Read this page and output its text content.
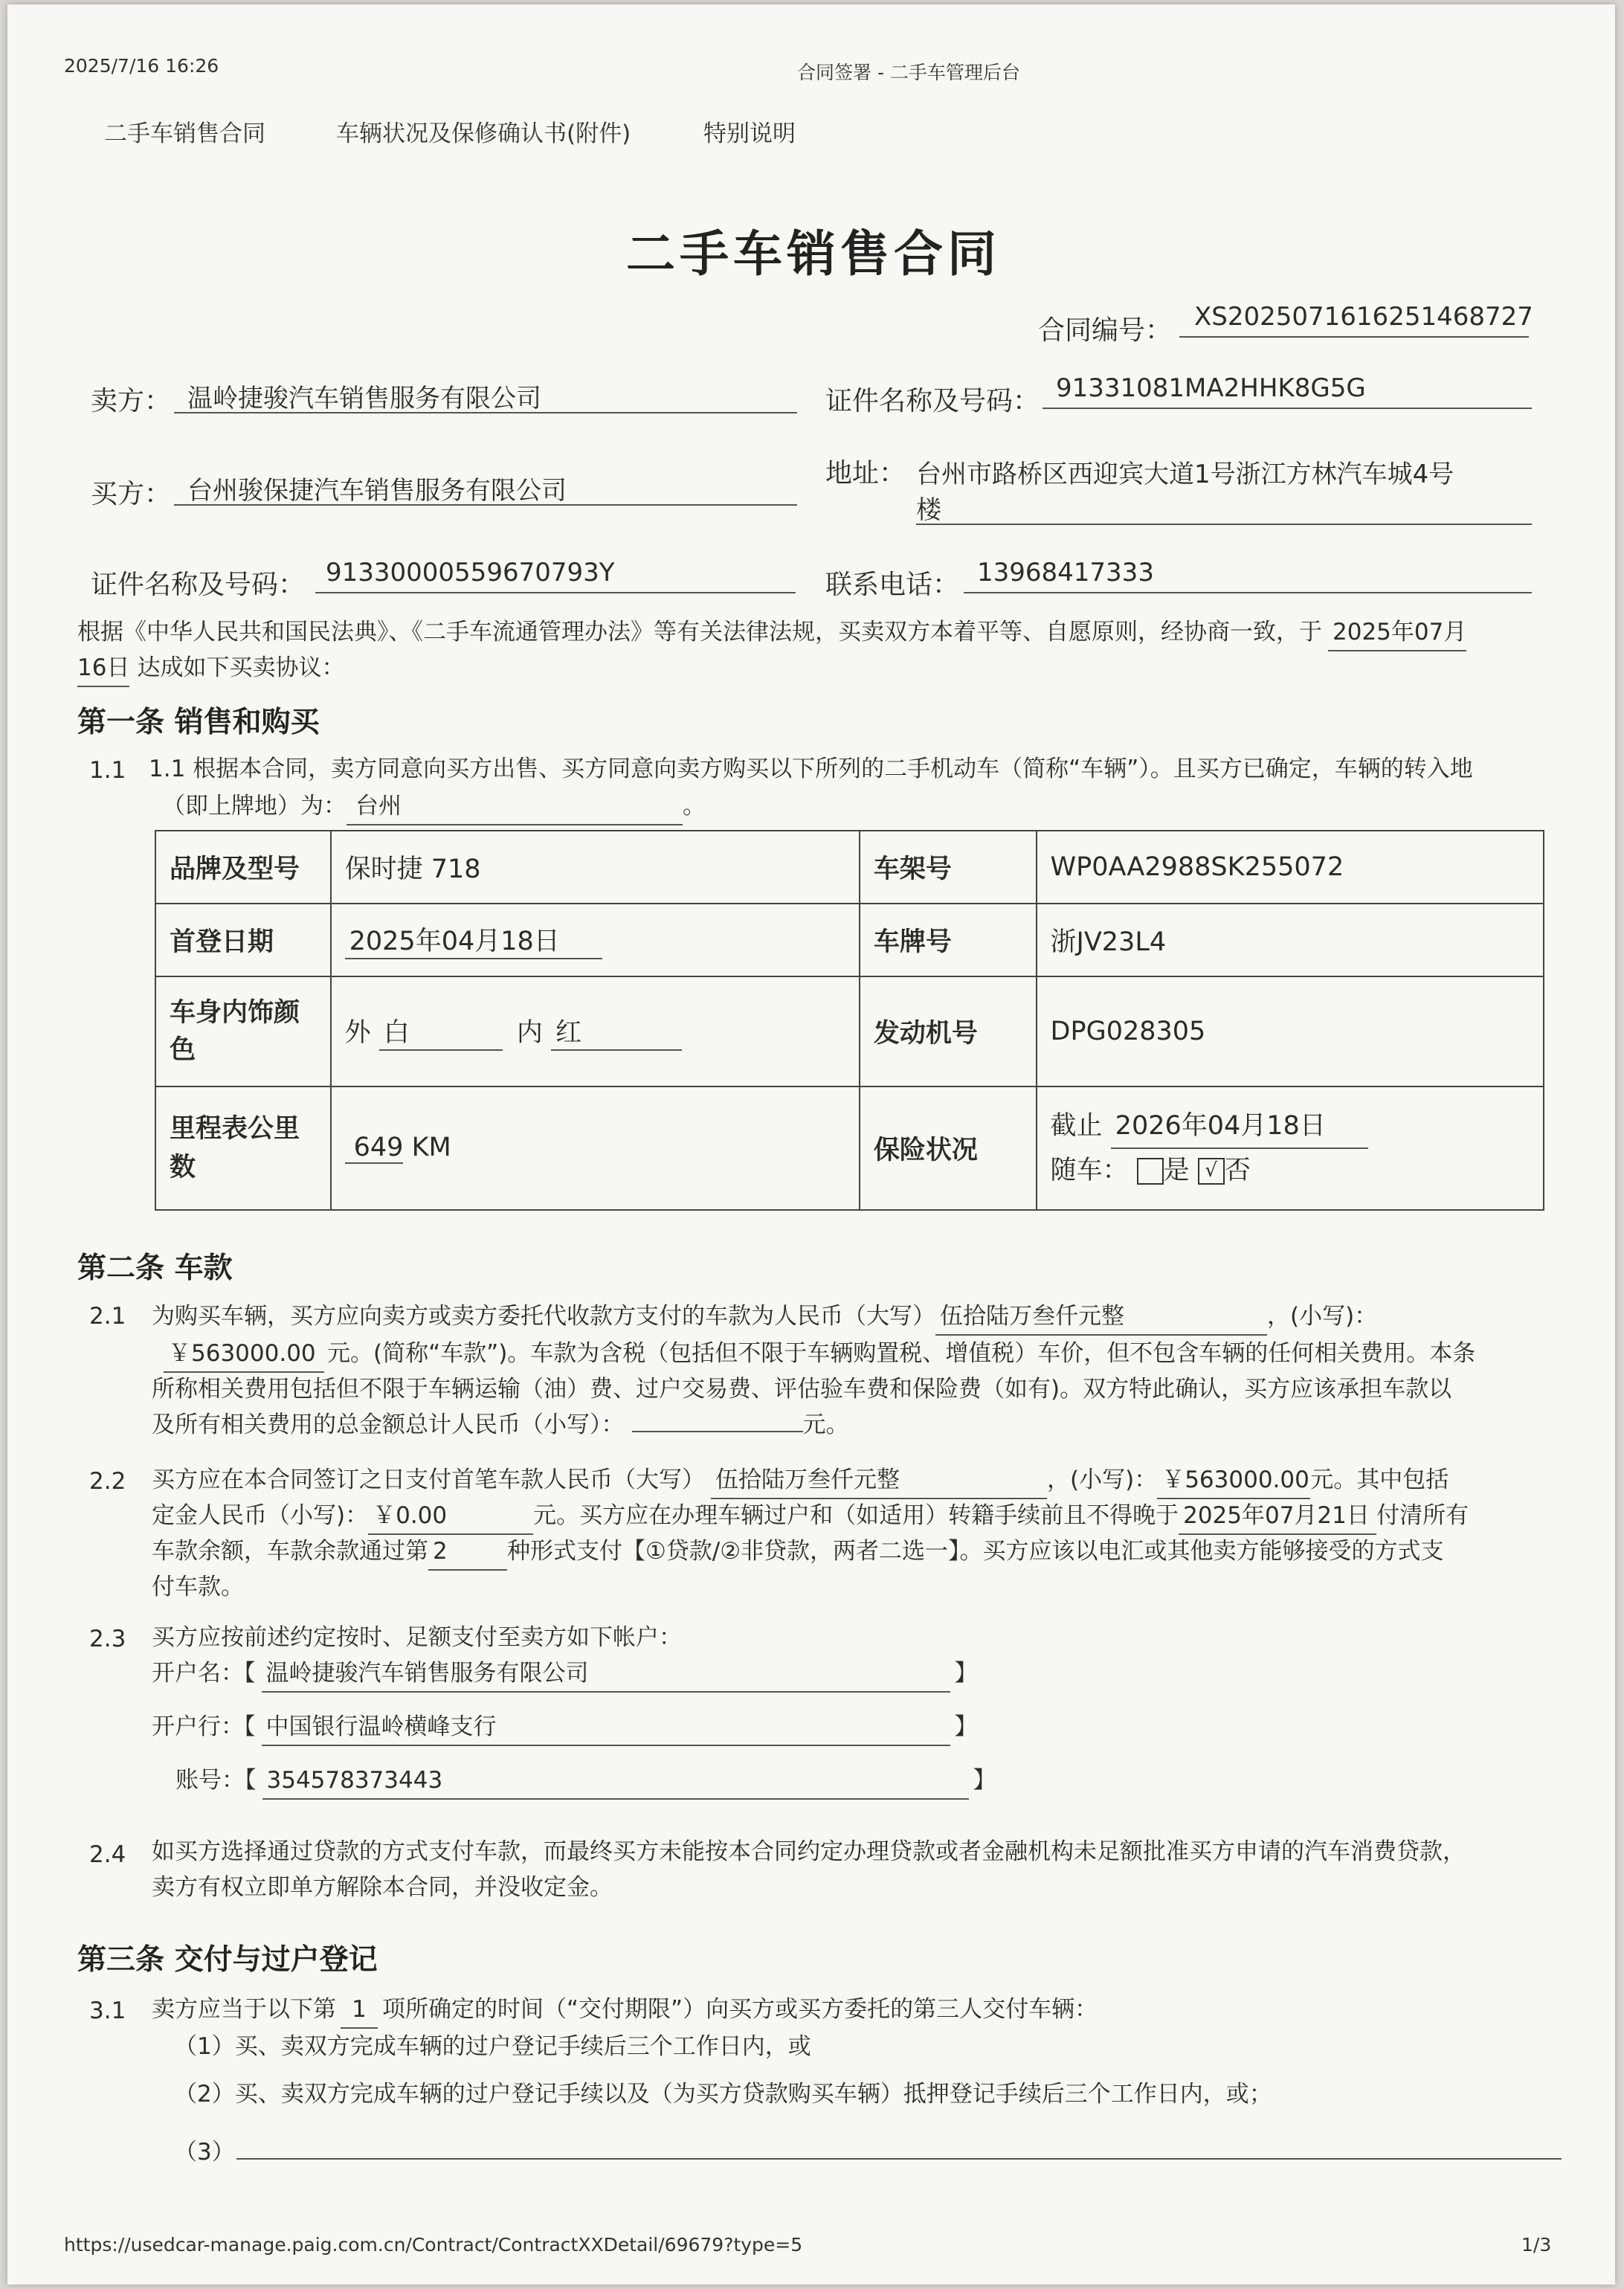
2025/7/16 16:26	合同签署 - 二手车管理后台
二手车销售合同	车辆状况及保修确认书(附件)	特别说明
二手车销售合同
合同编号： XS2025071616251468727
卖方： 温岭捷骏汽车销售服务有限公司	证件名称及号码： 91331081MA2HHK8G5G
买方： 台州骏保捷汽车销售服务有限公司
地址： 台州市路桥区西迎宾大道1号浙江方林汽车城4号
楼
证件名称及号码： 91330000559670793Y	联系电话： 13968417333
根据《中华人民共和国民法典》、《二手车流通管理办法》等有关法律法规，买卖双方本着平等、自愿原则，经协商一致，于 2025年07月
16日 达成如下买卖协议：
第一条 销售和购买
1.1 1.1 根据本合同，卖方同意向买方出售、买方同意向卖方购买以下所列的二手机动车（简称“车辆”）。且买方已确定，车辆的转入地
（即上牌地）为： 台州	。
品牌及型号	保时捷 718	车架号	WP0AA2988SK255072
首登日期	2025年04月18日	车牌号	浙JV23L4
车身内饰颜
色	外 白 内 红	发动机号	DPG028305
里程表公里
数	649 KM	保险状况	截止 2026年04月18日
随车： 是 √ 否
第二条 车款
2.1 为购买车辆，买方应向卖方或卖方委托代收款方支付的车款为人民币（大写） 伍拾陆万叁仟元整	，(小写)：
￥563000.00 元。(简称“车款”)。车款为含税（包括但不限于车辆购置税、增值税）车价，但不包含车辆的任何相关费用。本条
所称相关费用包括但不限于车辆运输（油）费、过户交易费、评估验车费和保险费（如有)。双方特此确认，买方应该承担车款以
及所有相关费用的总金额总计人民币（小写）：	元。
2.2 买方应在本合同签订之日支付首笔车款人民币（大写） 伍拾陆万叁仟元整	，(小写)： ￥563000.00元。其中包括
定金人民币（小写)： ￥0.00	元。买方应在办理车辆过户和（如适用）转籍手续前且不得晚于 2025年07月21日 付清所有
车款余额，车款余款通过第 2	种形式支付【①贷款/②非贷款，两者二选一】。买方应该以电汇或其他卖方能够接受的方式支
付车款。
2.3 买方应按前述约定按时、足额支付至卖方如下帐户：
开户名：【 温岭捷骏汽车销售服务有限公司	】
开户行：【 中国银行温岭横峰支行	】
账号：【 354578373443	】
2.4 如买方选择通过贷款的方式支付车款，而最终买方未能按本合同约定办理贷款或者金融机构未足额批准买方申请的汽车消费贷款，
卖方有权立即单方解除本合同，并没收定金。
第三条 交付与过户登记
3.1 卖方应当于以下第 1 项所确定的时间（“交付期限”）向买方或买方委托的第三人交付车辆：
（1）买、卖双方完成车辆的过户登记手续后三个工作日内，或
（2）买、卖双方完成车辆的过户登记手续以及（为买方贷款购买车辆）抵押登记手续后三个工作日内，或；
（3）
https://usedcar-manage.paig.com.cn/Contract/ContractXXDetail/69679?type=5	1/3
